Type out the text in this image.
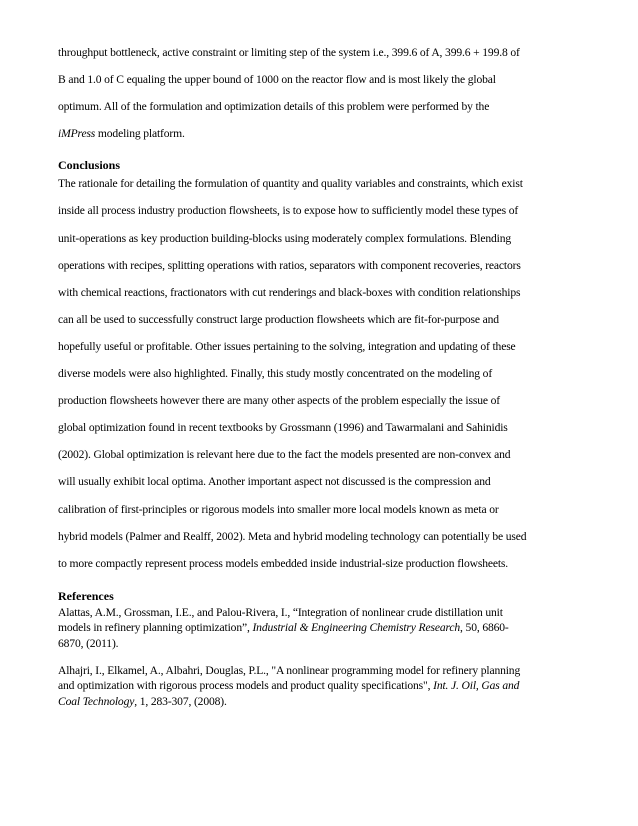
throughput bottleneck, active constraint or limiting step of the system i.e., 399.6 of A, 399.6 + 199.8 of

B and 1.0 of C equaling the upper bound of 1000 on the reactor flow and is most likely the global

optimum. All of the formulation and optimization details of this problem were performed by the

iMPress modeling platform.

Conclusions

The rationale for detailing the formulation of quantity and quality variables and constraints, which exist

inside all process industry production flowsheets, is to expose how to sufficiently model these types of

unit-operations as key production building-blocks using moderately complex formulations. Blending

operations with recipes, splitting operations with ratios, separators with component recoveries, reactors

with chemical reactions, fractionators with cut renderings and black-boxes with condition relationships

can all be used to successfully construct large production flowsheets which are fit-for-purpose and

hopefully useful or profitable. Other issues pertaining to the solving, integration and updating of these

diverse models were also highlighted. Finally, this study mostly concentrated on the modeling of

production flowsheets however there are many other aspects of the problem especially the issue of

global optimization found in recent textbooks by Grossmann (1996) and Tawarmalani and Sahinidis

(2002). Global optimization is relevant here due to the fact the models presented are non-convex and

will usually exhibit local optima. Another important aspect not discussed is the compression and

calibration of first-principles or rigorous models into smaller more local models known as meta or

hybrid models (Palmer and Realff, 2002). Meta and hybrid modeling technology can potentially be used

to more compactly represent process models embedded inside industrial-size production flowsheets.

References

Alattas, A.M., Grossman, I.E., and Palou-Rivera, I., “Integration of nonlinear crude distillation unit

models in refinery planning optimization”, Industrial & Engineering Chemistry Research, 50, 6860-

6870, (2011).

Alhajri, I., Elkamel, A., Albahri, Douglas, P.L., "A nonlinear programming model for refinery planning

and optimization with rigorous process models and product quality specifications", Int. J. Oil, Gas and

Coal Technology, 1, 283-307, (2008).
